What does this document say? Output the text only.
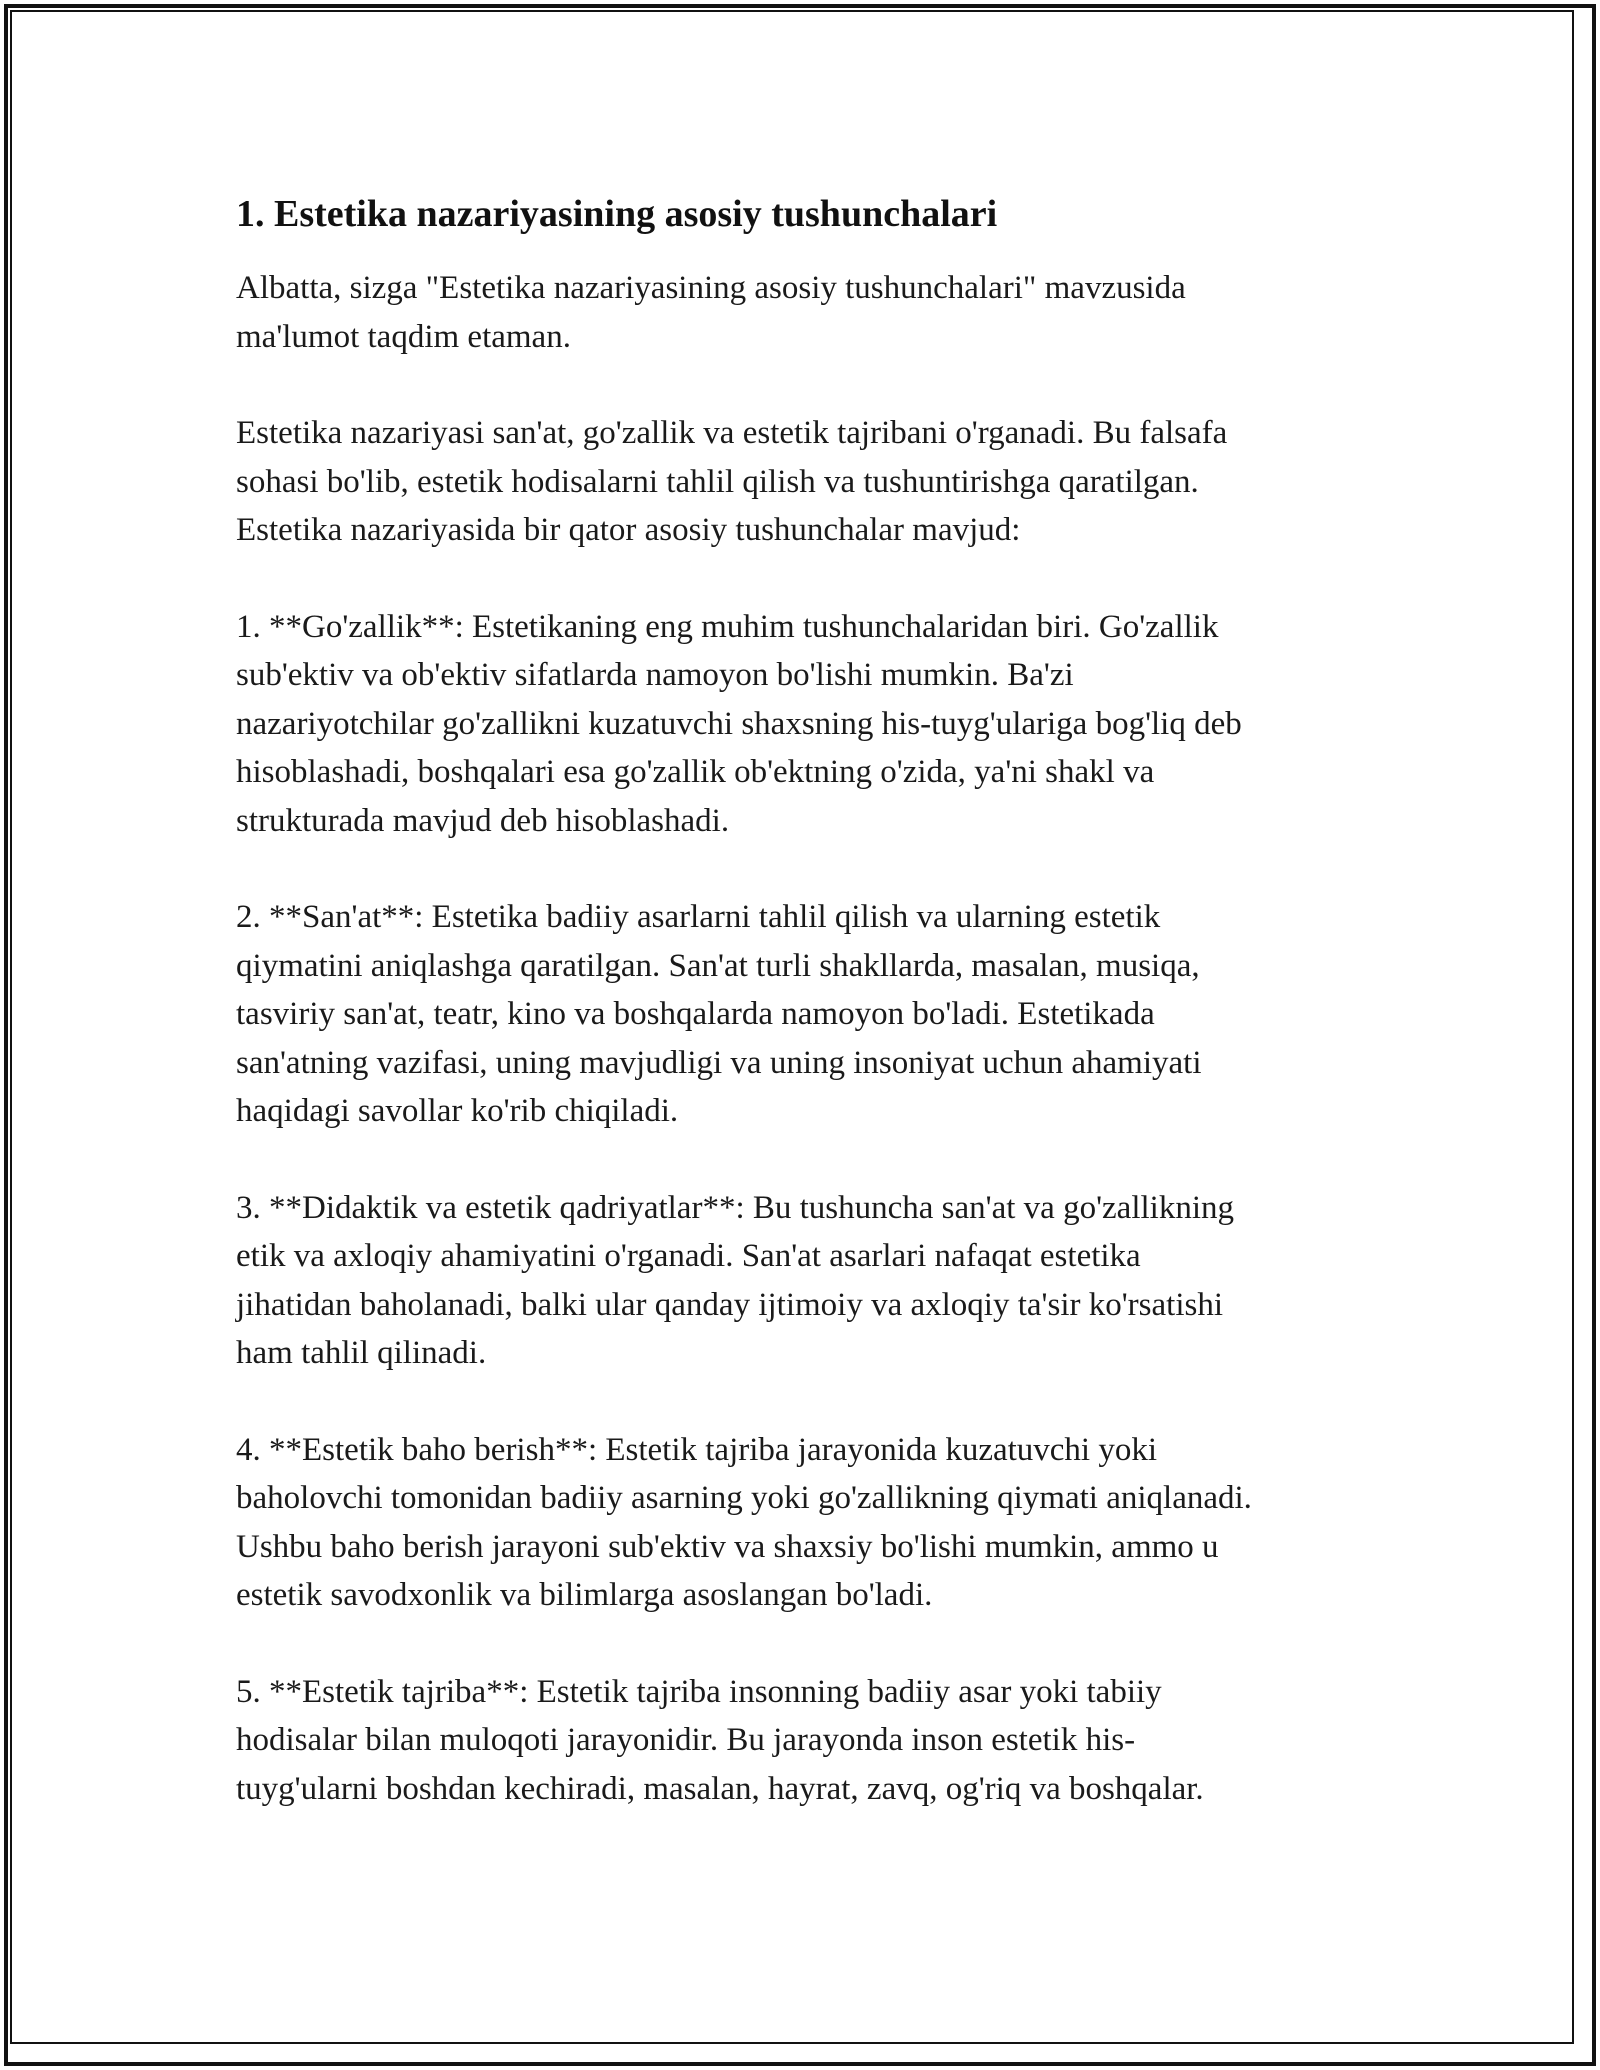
1. Estetika nazariyasining asosiy tushunchalari

Albatta, sizga "Estetika nazariyasining asosiy tushunchalari" mavzusida
ma'lumot taqdim etaman.

Estetika nazariyasi san'at, go'zallik va estetik tajribani o'rganadi. Bu falsafa
sohasi bo'lib, estetik hodisalarni tahlil qilish va tushuntirishga qaratilgan.
Estetika nazariyasida bir qator asosiy tushunchalar mavjud:

1. **Go'zallik**: Estetikaning eng muhim tushunchalaridan biri. Go'zallik
sub'ektiv va ob'ektiv sifatlarda namoyon bo'lishi mumkin. Ba'zi
nazariyotchilar go'zallikni kuzatuvchi shaxsning his-tuyg'ulariga bog'liq deb
hisoblashadi, boshqalari esa go'zallik ob'ektning o'zida, ya'ni shakl va
strukturada mavjud deb hisoblashadi.

2. **San'at**: Estetika badiiy asarlarni tahlil qilish va ularning estetik
qiymatini aniqlashga qaratilgan. San'at turli shakllarda, masalan, musiqa,
tasviriy san'at, teatr, kino va boshqalarda namoyon bo'ladi. Estetikada
san'atning vazifasi, uning mavjudligi va uning insoniyat uchun ahamiyati
haqidagi savollar ko'rib chiqiladi.

3. **Didaktik va estetik qadriyatlar**: Bu tushuncha san'at va go'zallikning
etik va axloqiy ahamiyatini o'rganadi. San'at asarlari nafaqat estetika
jihatidan baholanadi, balki ular qanday ijtimoiy va axloqiy ta'sir ko'rsatishi
ham tahlil qilinadi.

4. **Estetik baho berish**: Estetik tajriba jarayonida kuzatuvchi yoki
baholovchi tomonidan badiiy asarning yoki go'zallikning qiymati aniqlanadi.
Ushbu baho berish jarayoni sub'ektiv va shaxsiy bo'lishi mumkin, ammo u
estetik savodxonlik va bilimlarga asoslangan bo'ladi.

5. **Estetik tajriba**: Estetik tajriba insonning badiiy asar yoki tabiiy
hodisalar bilan muloqoti jarayonidir. Bu jarayonda inson estetik his-
tuyg'ularni boshdan kechiradi, masalan, hayrat, zavq, og'riq va boshqalar.
